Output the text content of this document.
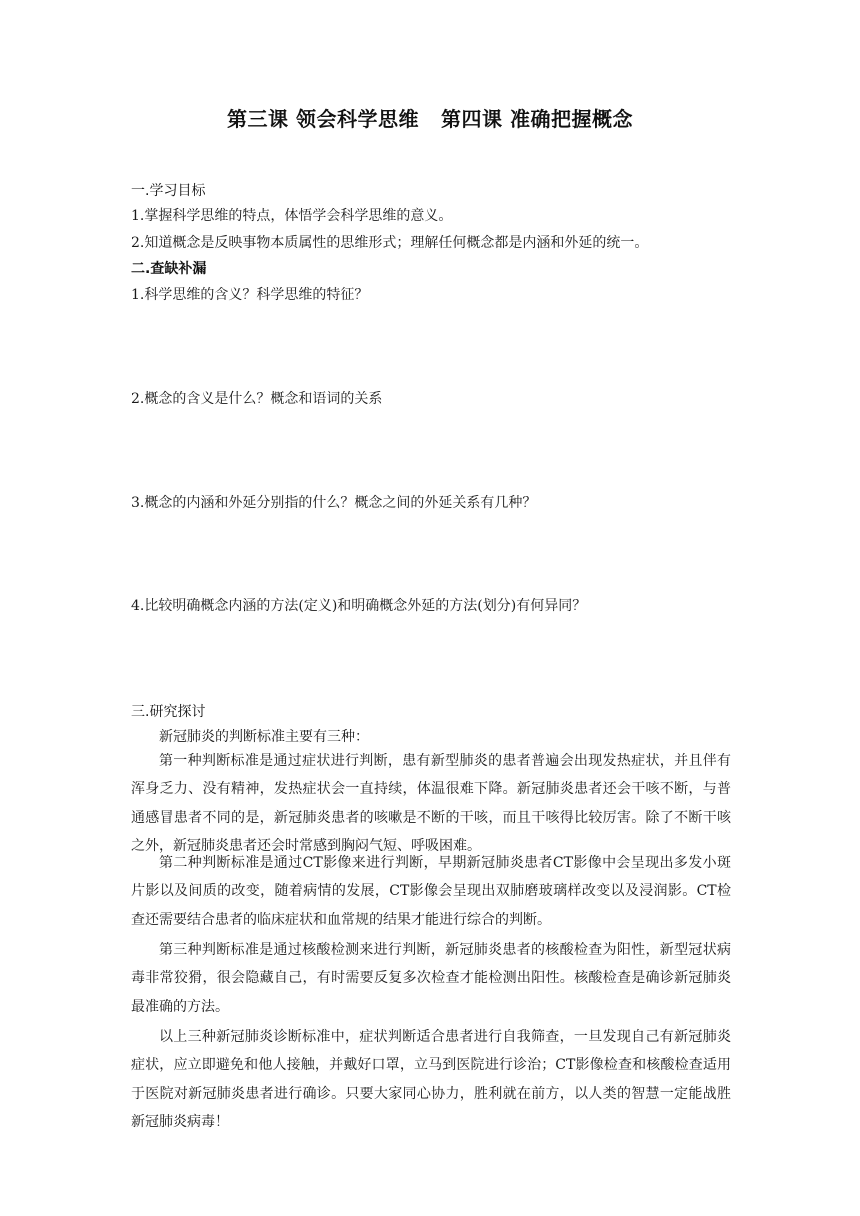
第三课 领会科学思维 第四课 准确把握概念
一.学习目标
1.掌握科学思维的特点，体悟学会科学思维的意义。
2.知道概念是反映事物本质属性的思维形式；理解任何概念都是内涵和外延的统一。
二.查缺补漏
1.科学思维的含义？科学思维的特征？
2.概念的含义是什么？概念和语词的关系
3.概念的内涵和外延分别指的什么？概念之间的外延关系有几种？
4.比较明确概念内涵的方法(定义)和明确概念外延的方法(划分)有何异同？
三.研究探讨
新冠肺炎的判断标准主要有三种：

第一种判断标准是通过症状进行判断，患有新型肺炎的患者普遍会出现发热症状，并且伴有浑身乏力、没有精神，发热症状会一直持续，体温很难下降。新冠肺炎患者还会干咳不断，与普通感冒患者不同的是，新冠肺炎患者的咳嗽是不断的干咳，而且干咳得比较厉害。除了不断干咳之外，新冠肺炎患者还会时常感到胸闷气短、呼吸困难。

第二种判断标准是通过CT影像来进行判断，早期新冠肺炎患者CT影像中会呈现出多发小斑片影以及间质的改变，随着病情的发展，CT影像会呈现出双肺磨玻璃样改变以及浸润影。CT检查还需要结合患者的临床症状和血常规的结果才能进行综合的判断。

第三种判断标准是通过核酸检测来进行判断，新冠肺炎患者的核酸检查为阳性，新型冠状病毒非常狡猾，很会隐藏自己，有时需要反复多次检查才能检测出阳性。核酸检查是确诊新冠肺炎最准确的方法。

以上三种新冠肺炎诊断标准中，症状判断适合患者进行自我筛查，一旦发现自己有新冠肺炎症状，应立即避免和他人接触，并戴好口罩，立马到医院进行诊治；CT影像检查和核酸检查适用于医院对新冠肺炎患者进行确诊。只要大家同心协力，胜利就在前方，以人类的智慧一定能战胜新冠肺炎病毒！
